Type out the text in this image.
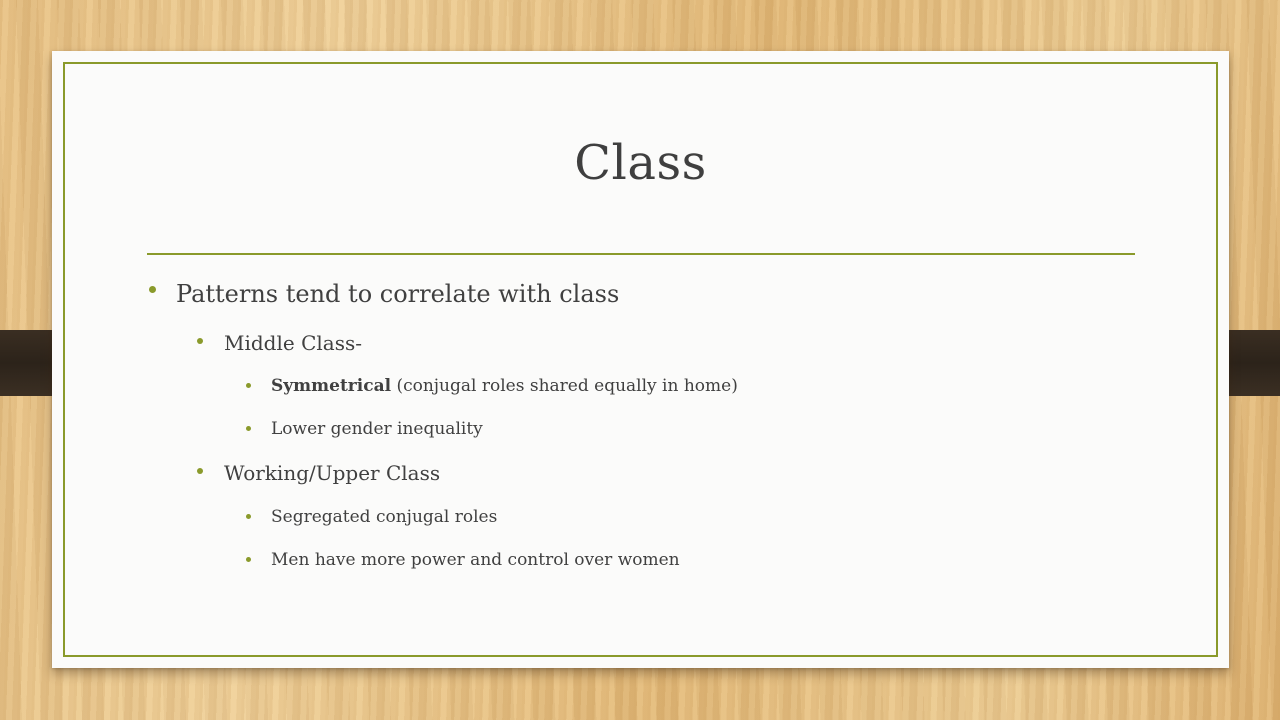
Class
Patterns tend to correlate with class
Middle Class-
Symmetrical (conjugal roles shared equally in home)
Lower gender inequality
Working/Upper Class
Segregated conjugal roles
Men have more power and control over women
